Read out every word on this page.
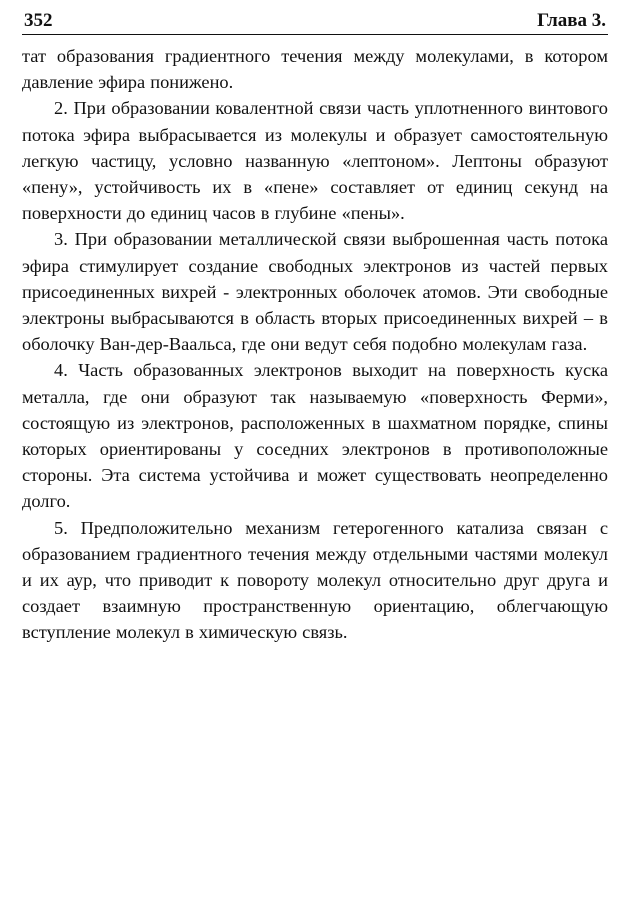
352	Глава 3.

тат образования градиентного течения между молекулами, в котором давление эфира понижено.

2. При образовании ковалентной связи часть уплотненного винтового потока эфира выбрасывается из молекулы и образует самостоятельную легкую частицу, условно названную «лептоном». Лептоны образуют «пену», устойчивость их в «пене» составляет от единиц секунд на поверхности до единиц часов в глубине «пены».

3. При образовании металлической связи выброшенная часть потока эфира стимулирует создание свободных электронов из частей первых присоединенных вихрей - электронных оболочек атомов. Эти свободные электроны выбрасываются в область вторых присоединенных вихрей – в оболочку Ван-дер-Ваальса, где они ведут себя подобно молекулам газа.

4. Часть образованных электронов выходит на поверхность куска металла, где они образуют так называемую «поверхность Ферми», состоящую из электронов, расположенных в шахматном порядке, спины которых ориентированы у соседних электронов в противоположные стороны. Эта система устойчива и может существовать неопределенно долго.

5. Предположительно механизм гетерогенного катализа связан с образованием градиентного течения между отдельными частями молекул и их аур, что приводит к повороту молекул относительно друг друга и создает взаимную пространственную ориентацию, облегчающую вступление молекул в химическую связь.
